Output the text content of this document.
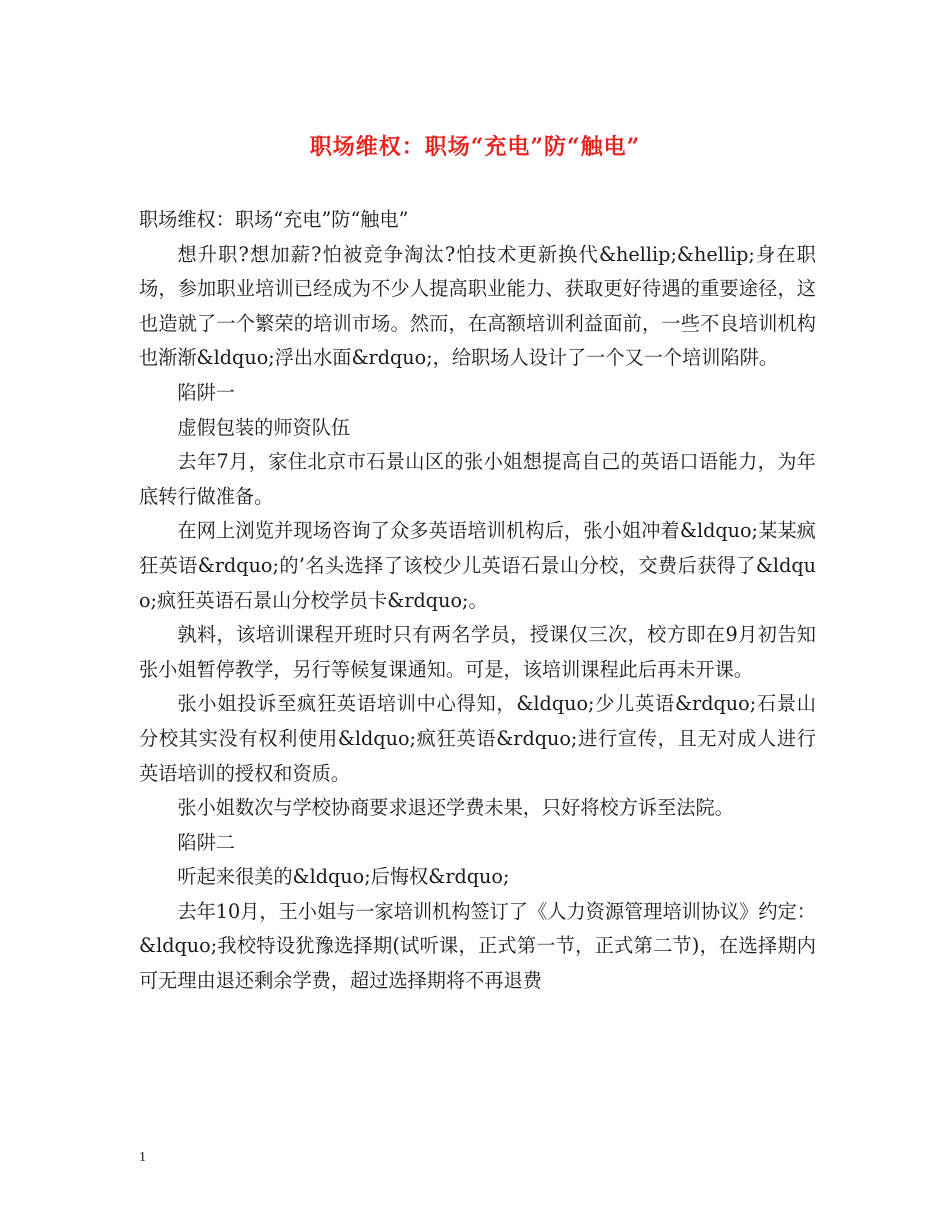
职场维权：职场“充电”防“触电”

职场维权：职场“充电”防“触电”

想升职?想加薪?怕被竞争淘汰?怕技术更新换代&hellip;&hellip;身在职场，参加职业培训已经成为不少人提高职业能力、获取更好待遇的重要途径，这也造就了一个繁荣的培训市场。然而，在高额培训利益面前，一些不良培训机构也渐渐&ldquo;浮出水面&rdquo;，给职场人设计了一个又一个培训陷阱。

陷阱一

虚假包装的师资队伍

去年7月，家住北京市石景山区的张小姐想提高自己的英语口语能力，为年底转行做准备。

在网上浏览并现场咨询了众多英语培训机构后，张小姐冲着&ldquo;某某疯狂英语&rdquo;的’名头选择了该校少儿英语石景山分校，交费后获得了&ldquo;疯狂英语石景山分校学员卡&rdquo;。

孰料，该培训课程开班时只有两名学员，授课仅三次，校方即在9月初告知张小姐暂停教学，另行等候复课通知。可是，该培训课程此后再未开课。

张小姐投诉至疯狂英语培训中心得知，&ldquo;少儿英语&rdquo;石景山分校其实没有权利使用&ldquo;疯狂英语&rdquo;进行宣传，且无对成人进行英语培训的授权和资质。

张小姐数次与学校协商要求退还学费未果，只好将校方诉至法院。

陷阱二

听起来很美的&ldquo;后悔权&rdquo;

去年10月，王小姐与一家培训机构签订了《人力资源管理培训协议》约定：&ldquo;我校特设犹豫选择期(试听课，正式第一节，正式第二节)，在选择期内可无理由退还剩余学费，超过选择期将不再退费

1
